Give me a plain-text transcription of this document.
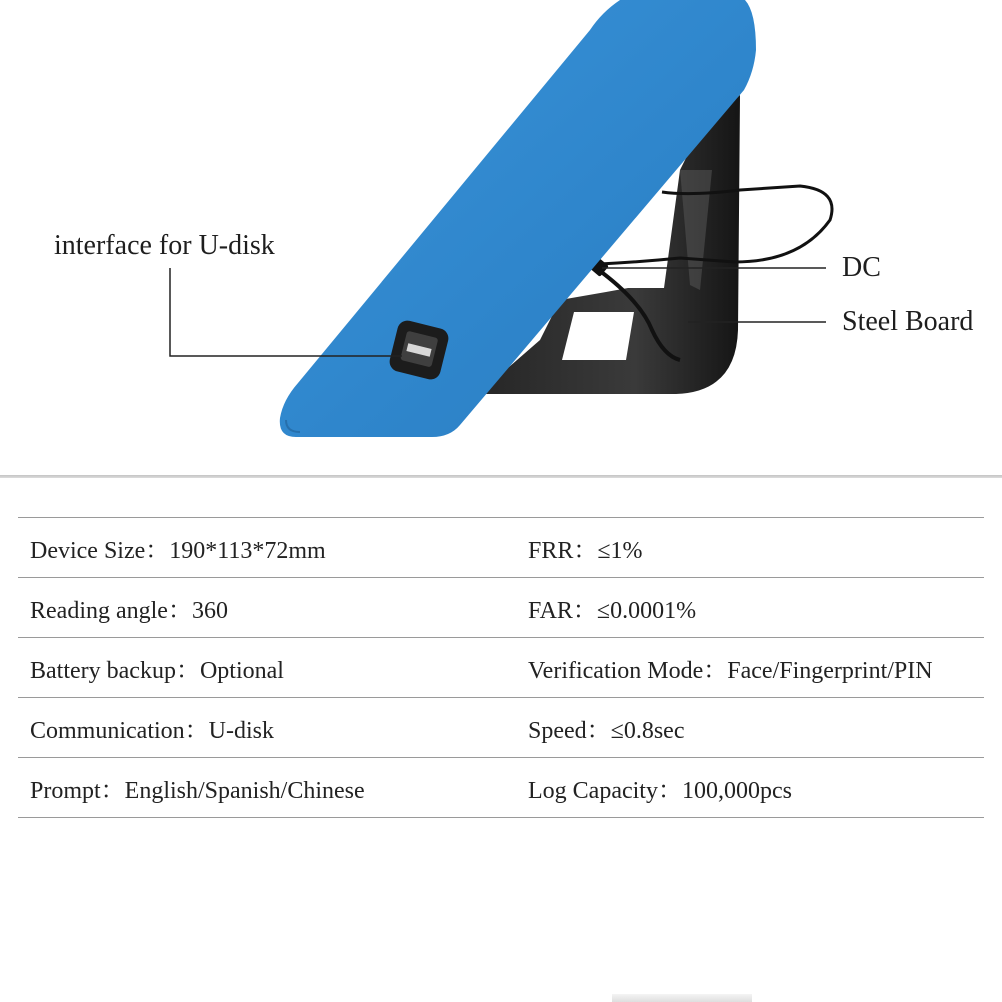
interface for U-disk
DC
Steel Board
Device Size：190*113*72mm	FRR：≤1%
Reading angle：360	FAR：≤0.0001%
Battery backup：Optional	Verification Mode：Face/Fingerprint/PIN
Communication：U-disk	Speed：≤0.8sec
Prompt：English/Spanish/Chinese	Log Capacity：100,000pcs
